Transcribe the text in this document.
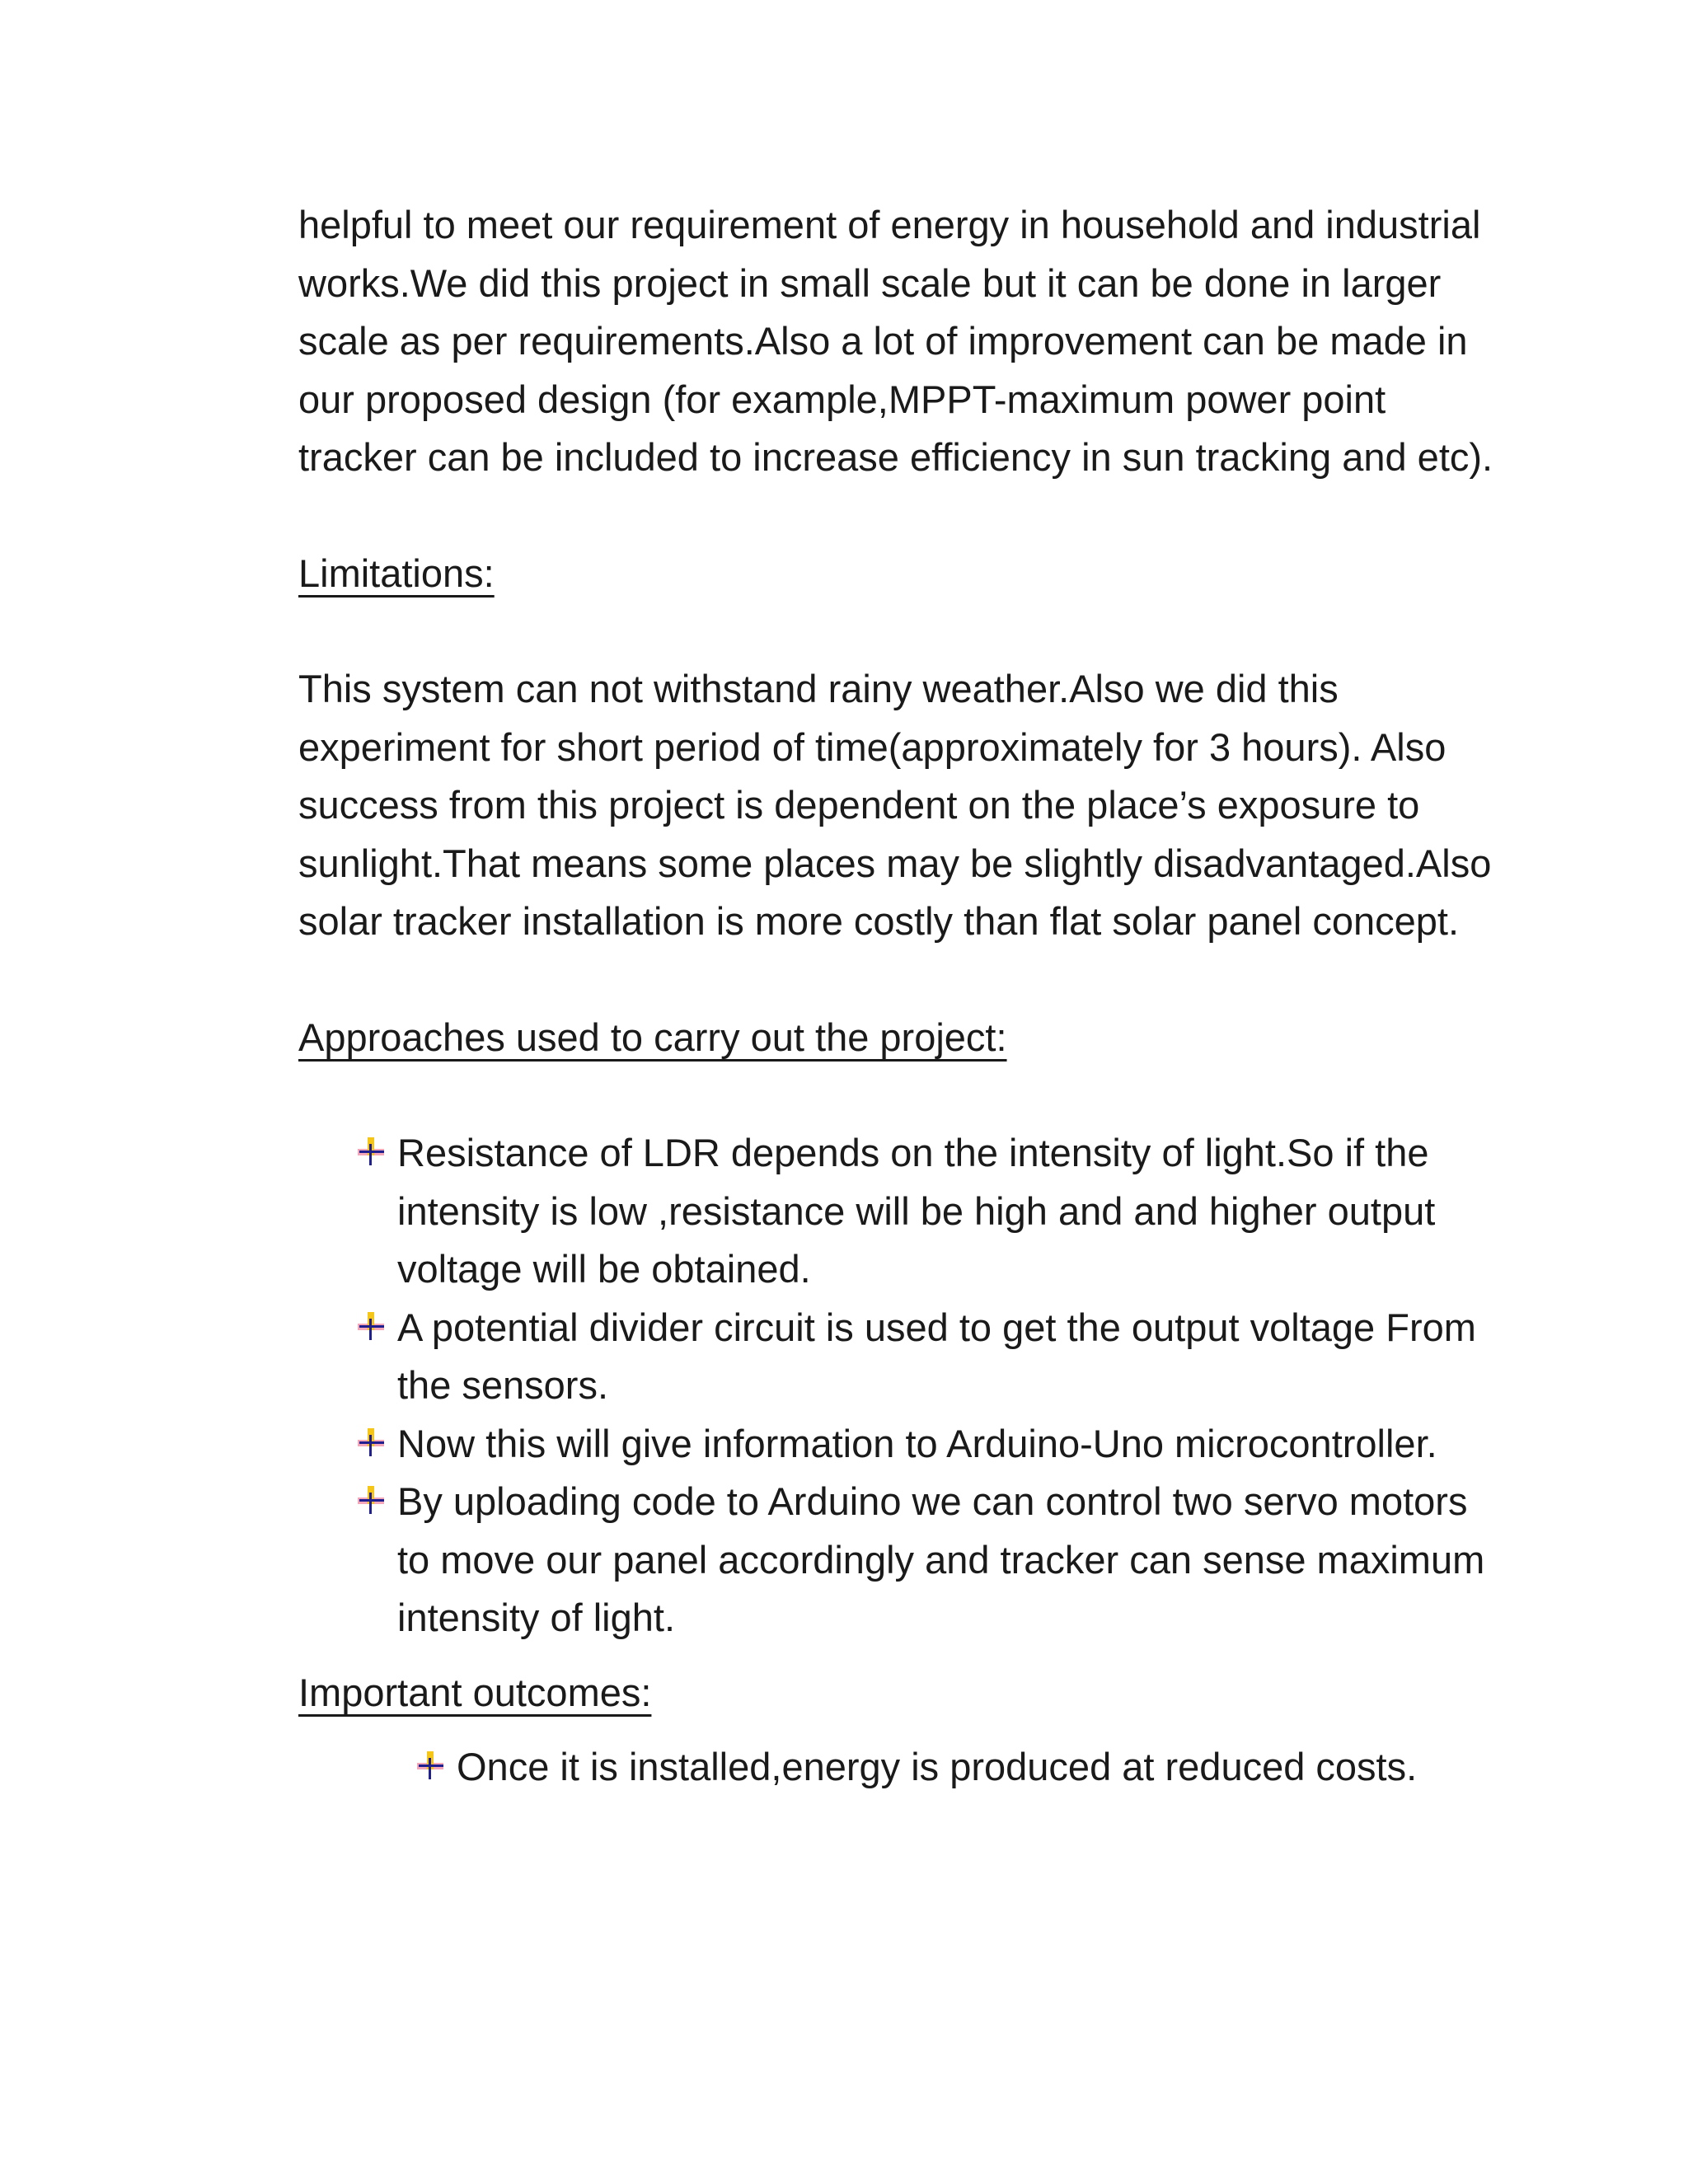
helpful to meet our requirement of energy in household and industrial works.We did this project in small scale but it can be done in larger scale as per requirements.Also a lot of improvement can be made in our proposed design (for example,MPPT-maximum power point tracker can be included to increase efficiency in sun tracking and etc).

Limitations:

This system can not withstand rainy weather.Also we did this experiment for short period of time(approximately for 3 hours). Also success from this project is dependent on the place’s exposure to sunlight.That means some places may be slightly disadvantaged.Also solar tracker installation is more costly than flat solar panel concept.

Approaches used to carry out the project:

Resistance of LDR depends on the intensity of light.So if the intensity is low ,resistance will be high and and higher output voltage will be obtained.
A potential divider circuit is used to get the output voltage From the sensors.
Now this will give information to Arduino-Uno microcontroller.
By uploading code to Arduino we can control two servo motors to move our panel accordingly and tracker can sense maximum intensity of light.

Important outcomes:

Once it is installed,energy is produced at reduced costs.
